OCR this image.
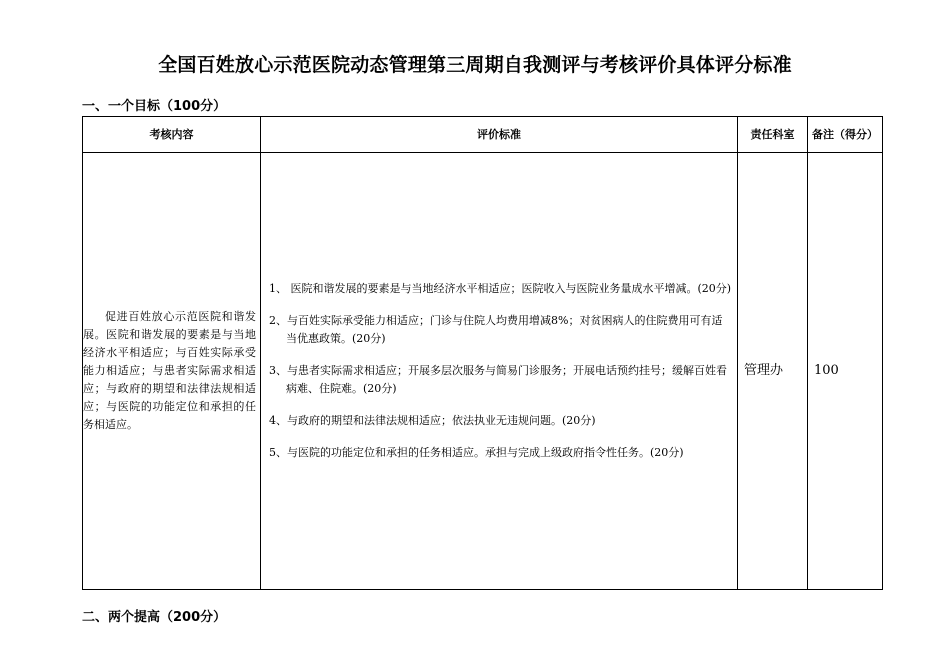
全国百姓放心示范医院动态管理第三周期自我测评与考核评价具体评分标准
一、一个目标（100分）
考核内容	评价标准	责任科室	备注（得分）

促进百姓放心示范医院和谐发展。医院和谐发展的要素是与当地经济水平相适应；与百姓实际承受能力相适应；与患者实际需求相适应；与政府的期望和法律法规相适应；与医院的功能定位和承担的任务相适应。	1、 医院和谐发展的要素是与当地经济水平相适应；医院收入与医院业务量成水平增减。(20分)
2、与百姓实际承受能力相适应；门诊与住院人均费用增减8%；对贫困病人的住院费用可有适当优惠政策。(20分)
3、与患者实际需求相适应；开展多层次服务与简易门诊服务；开展电话预约挂号；缓解百姓看病难、住院难。(20分)
4、与政府的期望和法律法规相适应；依法执业无违规问题。(20分)
5、与医院的功能定位和承担的任务相适应。承担与完成上级政府指令性任务。(20分)	管理办	100
二、两个提高（200分）
